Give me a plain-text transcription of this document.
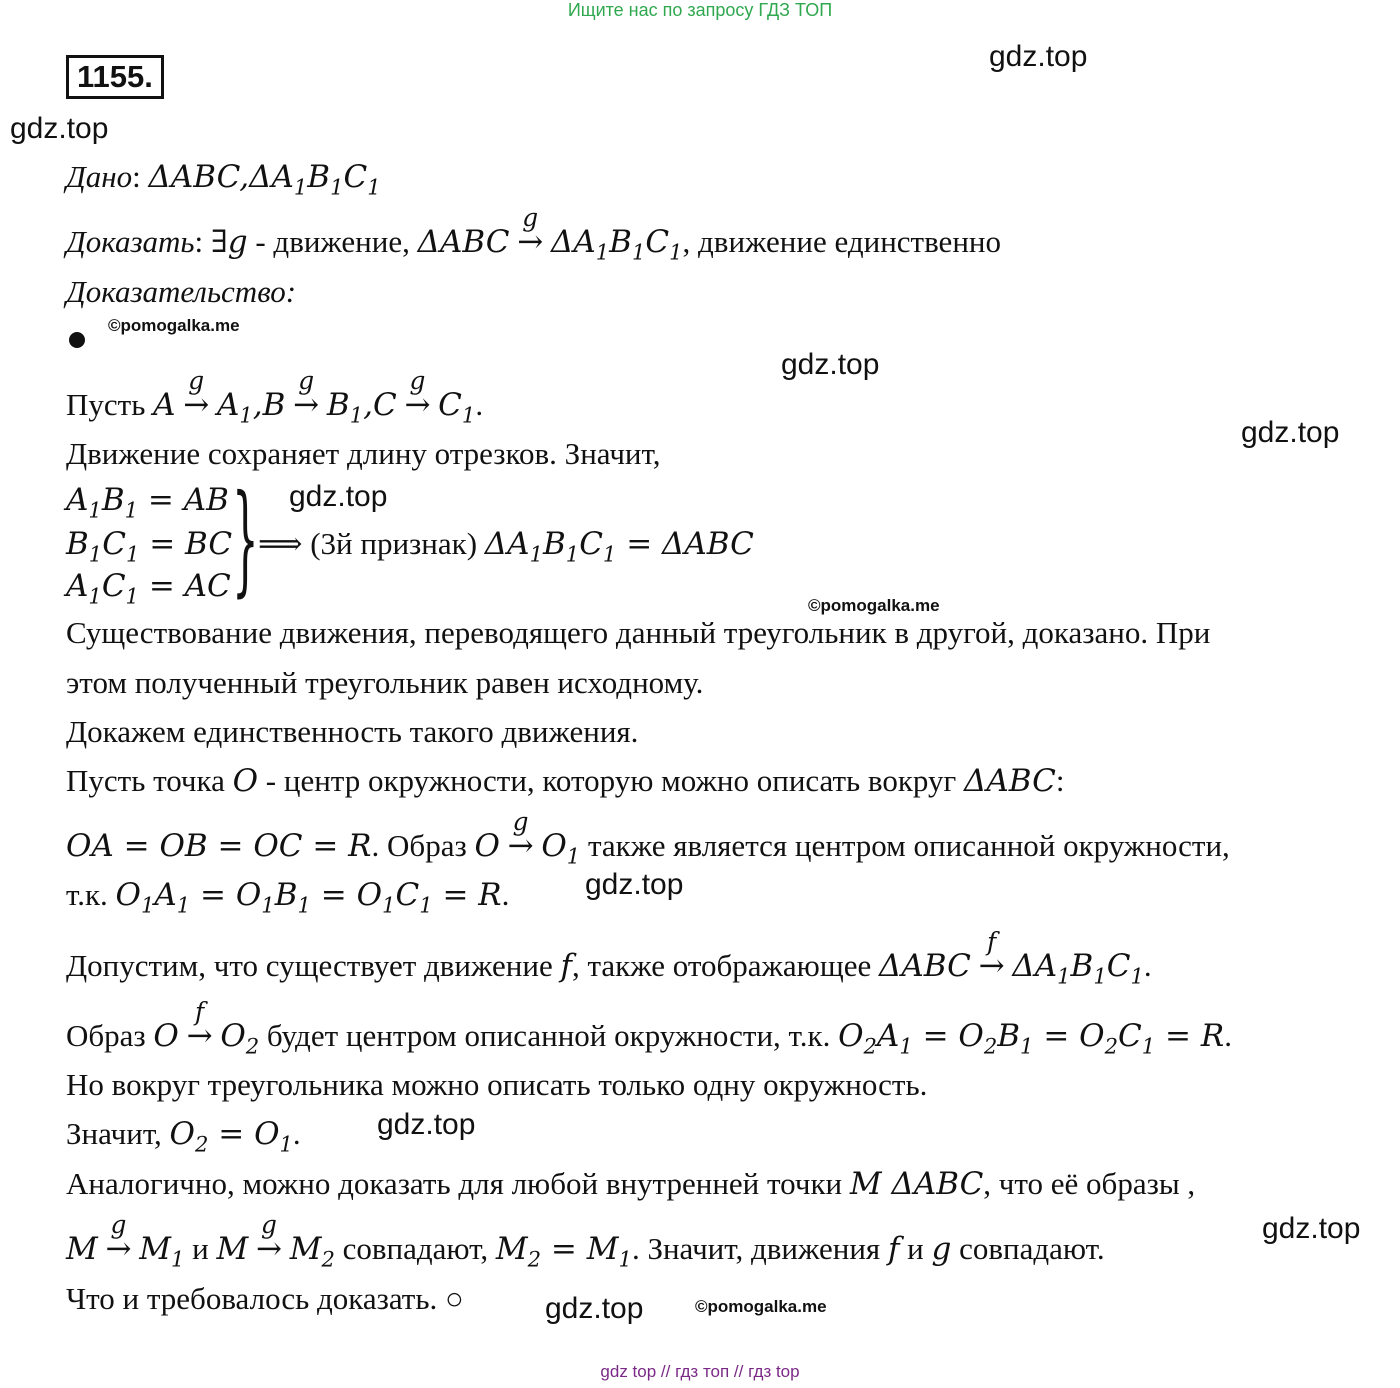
Ищите нас по запросу ГДЗ ТОП
1155.
gdz.top
gdz.top
gdz.top
gdz.top
gdz.top
gdz.top
gdz.top
gdz.top
gdz.top
©pomogalka.me
©pomogalka.me
©pomogalka.me
Дано: $\Delta ABC,\Delta A_1B_1C_1$
Доказать: ∃g - движение, ΔABC
g
→ $\Delta A_1B_1C_1$, движение единственно
Доказательство:
Пусть A
g
→ $A_1,B$
g
→ $B_1,C$
g
→ $C_1$.
Движение сохраняет длину отрезков. Значит,
$A_1B_1$ = AB
$B_1C_1$ = BC
$A_1C_1$ = AC } ⟹ (3й признак) $\Delta A_1B_1C_1 = \Delta ABC$
Существование движения, переводящего данный треугольник в другой, доказано. При
этом полученный треугольник равен исходному.
Докажем единственность такого движения.
Пусть точка O - центр окружности, которую можно описать вокруг ΔABC:
OA = OB = OC = R. Образ O
g
→ $O_1$ также является центром описанной окружности,
т.к. $O_1A_1 = O_1B_1 = O_1C_1 = R$.
Допустим, что существует движение f, также отображающее ΔABC
f
→ $\Delta A_1B_1C_1$.
Образ O
f
→ $O_2$ будет центром описанной окружности, т.к. $O_2A_1 = O_2B_1 = O_2C_1 = R$.
Но вокруг треугольника можно описать только одну окружность.
Значит, $O_2 = O_1$.
Аналогично, можно доказать для любой внутренней точки M ΔABC, что её образы ,
M
g
→ $M_1$ и M
g
→ $M_2$ совпадают, $M_2 = M_1$. Значит, движения f и g совпадают.
Что и требовалось доказать. ○
gdz top // гдз топ // гдз top
